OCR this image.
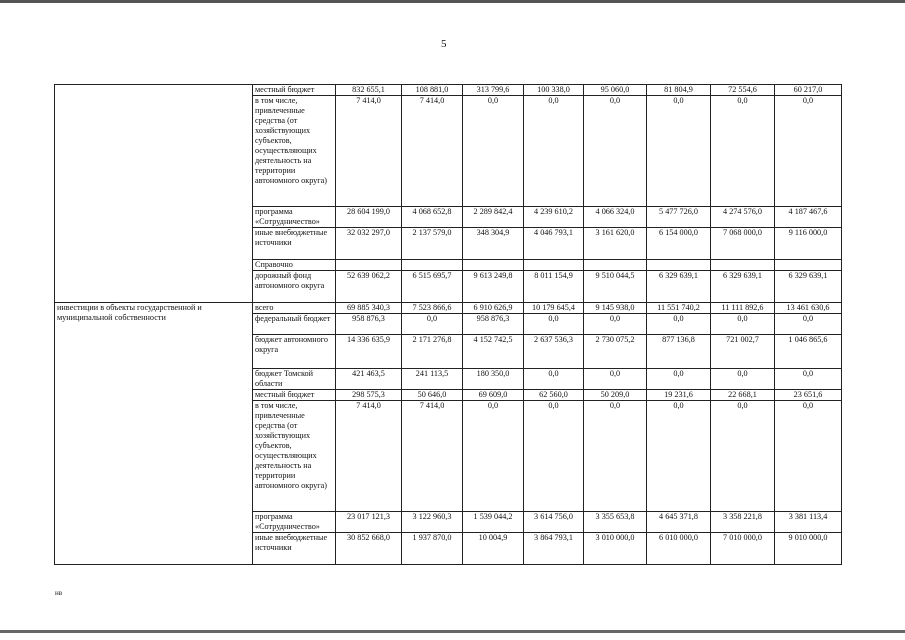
5
	местный бюджет	832 655,1	108 881,0	313 799,6	100 338,0	95 060,0	81 804,9	72 554,6	60 217,0
	в том числе, привлеченные средства (от хозяйствующих субъектов, осуществляющих деятельность на территории автономного округа)	7 414,0	7 414,0	0,0	0,0	0,0	0,0	0,0	0,0
	программа «Сотрудничество»	28 604 199,0	4 068 652,8	2 289 842,4	4 239 610,2	4 066 324,0	5 477 726,0	4 274 576,0	4 187 467,6
	иные внебюджетные источники	32 032 297,0	2 137 579,0	348 304,9	4 046 793,1	3 161 620,0	6 154 000,0	7 068 000,0	9 116 000,0
	Справочно								
	дорожный фонд автономного округа	52 639 062,2	6 515 695,7	9 613 249,8	8 011 154,9	9 510 044,5	6 329 639,1	6 329 639,1	6 329 639,1
инвестиции в объекты государственной и муниципальной собственности	всего	69 885 340,3	7 523 866,6	6 910 626,9	10 179 645,4	9 145 938,0	11 551 740,2	11 111 892,6	13 461 630,6
	федеральный бюджет	958 876,3	0,0	958 876,3	0,0	0,0	0,0	0,0	0,0
	бюджет автономного округа	14 336 635,9	2 171 276,8	4 152 742,5	2 637 536,3	2 730 075,2	877 136,8	721 002,7	1 046 865,6
	бюджет Томской области	421 463,5	241 113,5	180 350,0	0,0	0,0	0,0	0,0	0,0
	местный бюджет	298 575,3	50 646,0	69 609,0	62 560,0	50 209,0	19 231,6	22 668,1	23 651,6
	в том числе, привлеченные средства (от хозяйствующих субъектов, осуществляющих деятельность на территории автономного округа)	7 414,0	7 414,0	0,0	0,0	0,0	0,0	0,0	0,0
	программа «Сотрудничество»	23 017 121,3	3 122 960,3	1 539 044,2	3 614 756,0	3 355 653,8	4 645 371,8	3 358 221,8	3 381 113,4
	иные внебюджетные источники	30 852 668,0	1 937 870,0	10 004,9	3 864 793,1	3 010 000,0	6 010 000,0	7 010 000,0	9 010 000,0
нв
